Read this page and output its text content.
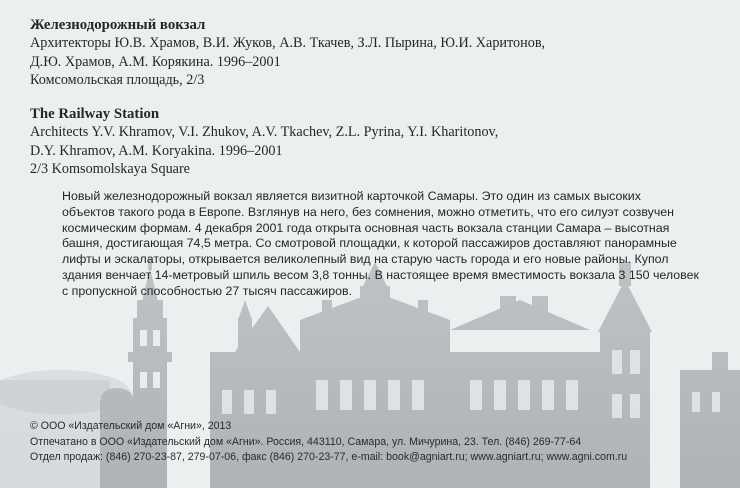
Железнодорожный вокзал
Архитекторы Ю.В. Храмов, В.И. Жуков, А.В. Ткачев, З.Л. Пырина, Ю.И. Харитонов,
Д.Ю. Храмов, А.М. Корякина. 1996–2001
Комсомольская площадь, 2/3
The Railway Station
Architects Y.V. Khramov, V.I. Zhukov, A.V. Tkachev, Z.L. Pyrina, Y.I. Kharitonov,
D.Y. Khramov, A.M. Koryakina. 1996–2001
2/3 Komsomolskaya Square
Новый железнодорожный вокзал является визитной карточкой Самары. Это один из самых высоких
объектов такого рода в Европе. Взглянув на него, без сомнения, можно отметить, что его силуэт созвучен
космическим формам. 4 декабря 2001 года открыта основная часть вокзала станции Самара – высотная
башня, достигающая 74,5 метра. Со смотровой площадки, к которой пассажиров доставляют панорамные
лифты и эскалаторы, открывается великолепный вид на старую часть города и его новые районы. Купол
здания венчает 14-метровый шпиль весом 3,8 тонны. В настоящее время вместимость вокзала 3 150 человек
с пропускной способностью 27 тысяч пассажиров.
© ООО «Издательский дом «Агни», 2013
Отпечатано в ООО «Издательский дом «Агни». Россия, 443110, Самара, ул. Мичурина, 23. Тел. (846) 269-77-64
Отдел продаж: (846) 270-23-87, 279-07-06, факс (846) 270-23-77, e-mail: book@agniart.ru; www.agniart.ru; www.agni.com.ru
